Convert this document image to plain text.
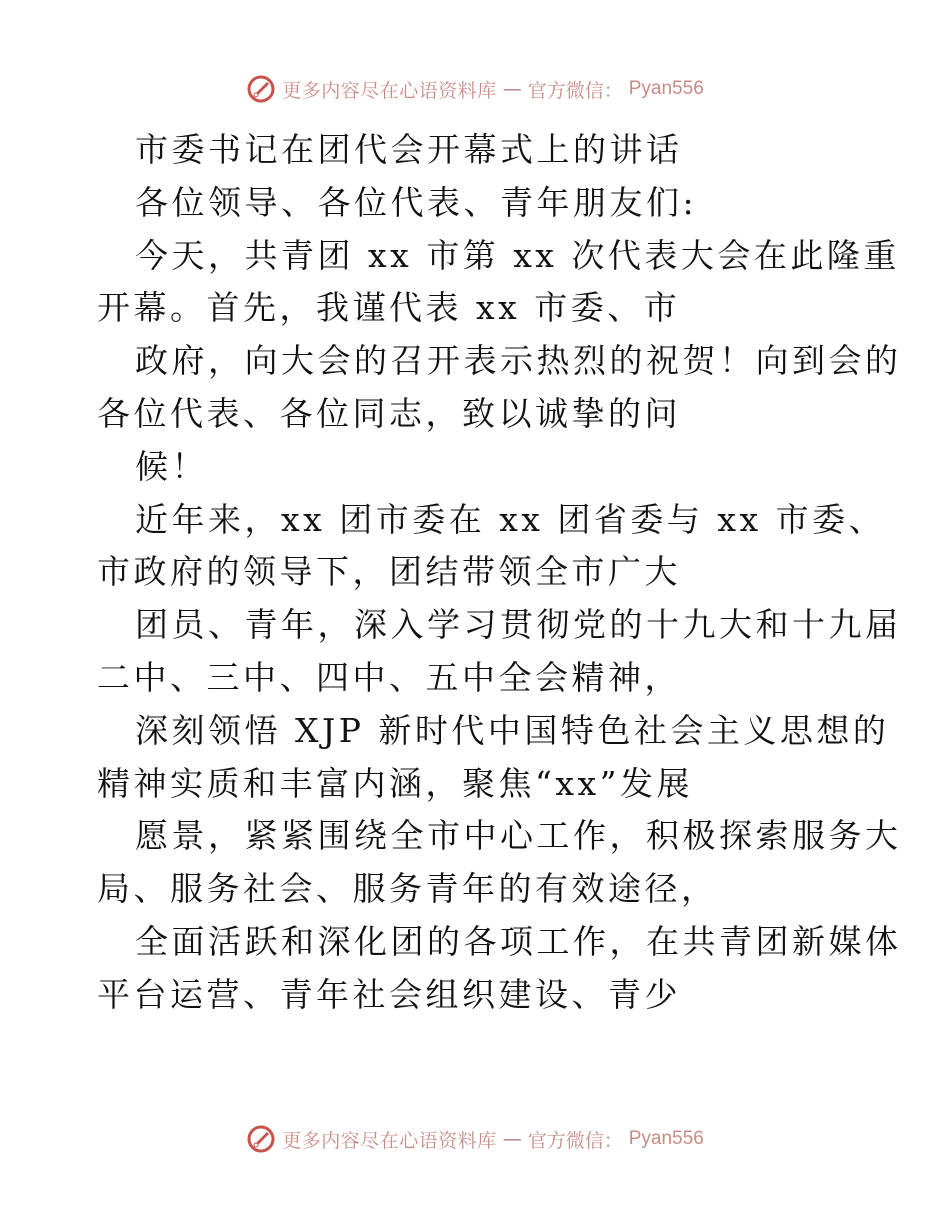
更多内容尽在心语资料库 — 官方微信： Pyan556
市委书记在团代会开幕式上的讲话
各位领导、各位代表、青年朋友们:
今天，共青团 xx 市第 xx 次代表大会在此隆重
开幕。首先，我谨代表 xx 市委、市
政府，向大会的召开表示热烈的祝贺！向到会的
各位代表、各位同志，致以诚挚的问
候！
近年来，xx 团市委在 xx 团省委与 xx 市委、
市政府的领导下，团结带领全市广大
团员、青年，深入学习贯彻党的十九大和十九届
二中、三中、四中、五中全会精神，
深刻领悟 XJP 新时代中国特色社会主义思想的
精神实质和丰富内涵，聚焦“xx”发展
愿景，紧紧围绕全市中心工作，积极探索服务大
局、服务社会、服务青年的有效途径，
全面活跃和深化团的各项工作，在共青团新媒体
平台运营、青年社会组织建设、青少
更多内容尽在心语资料库 — 官方微信： Pyan556
